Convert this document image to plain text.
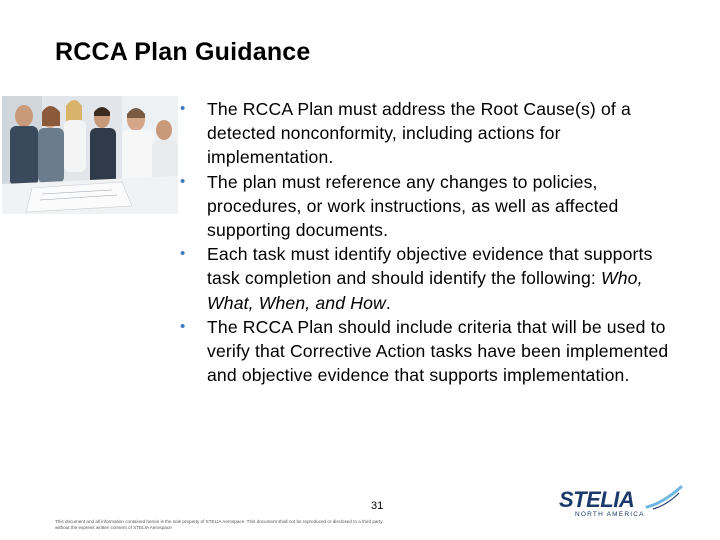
RCCA Plan Guidance
• The RCCA Plan must address the Root Cause(s) of a detected nonconformity, including actions for implementation.
• The plan must reference any changes to policies, procedures, or work instructions, as well as affected supporting documents.
• Each task must identify objective evidence that supports task completion and should identify the following: Who, What, When, and How.
• The RCCA Plan should include criteria that will be used to verify that Corrective Action tasks have been implemented and objective evidence that supports implementation.
31
This document and all information contained herein is the sole property of STELIA Aerospace. This document shall not be reproduced or disclosed to a third party without the express written consent of STELIA Aerospace
STELIA
NORTH AMERICA
